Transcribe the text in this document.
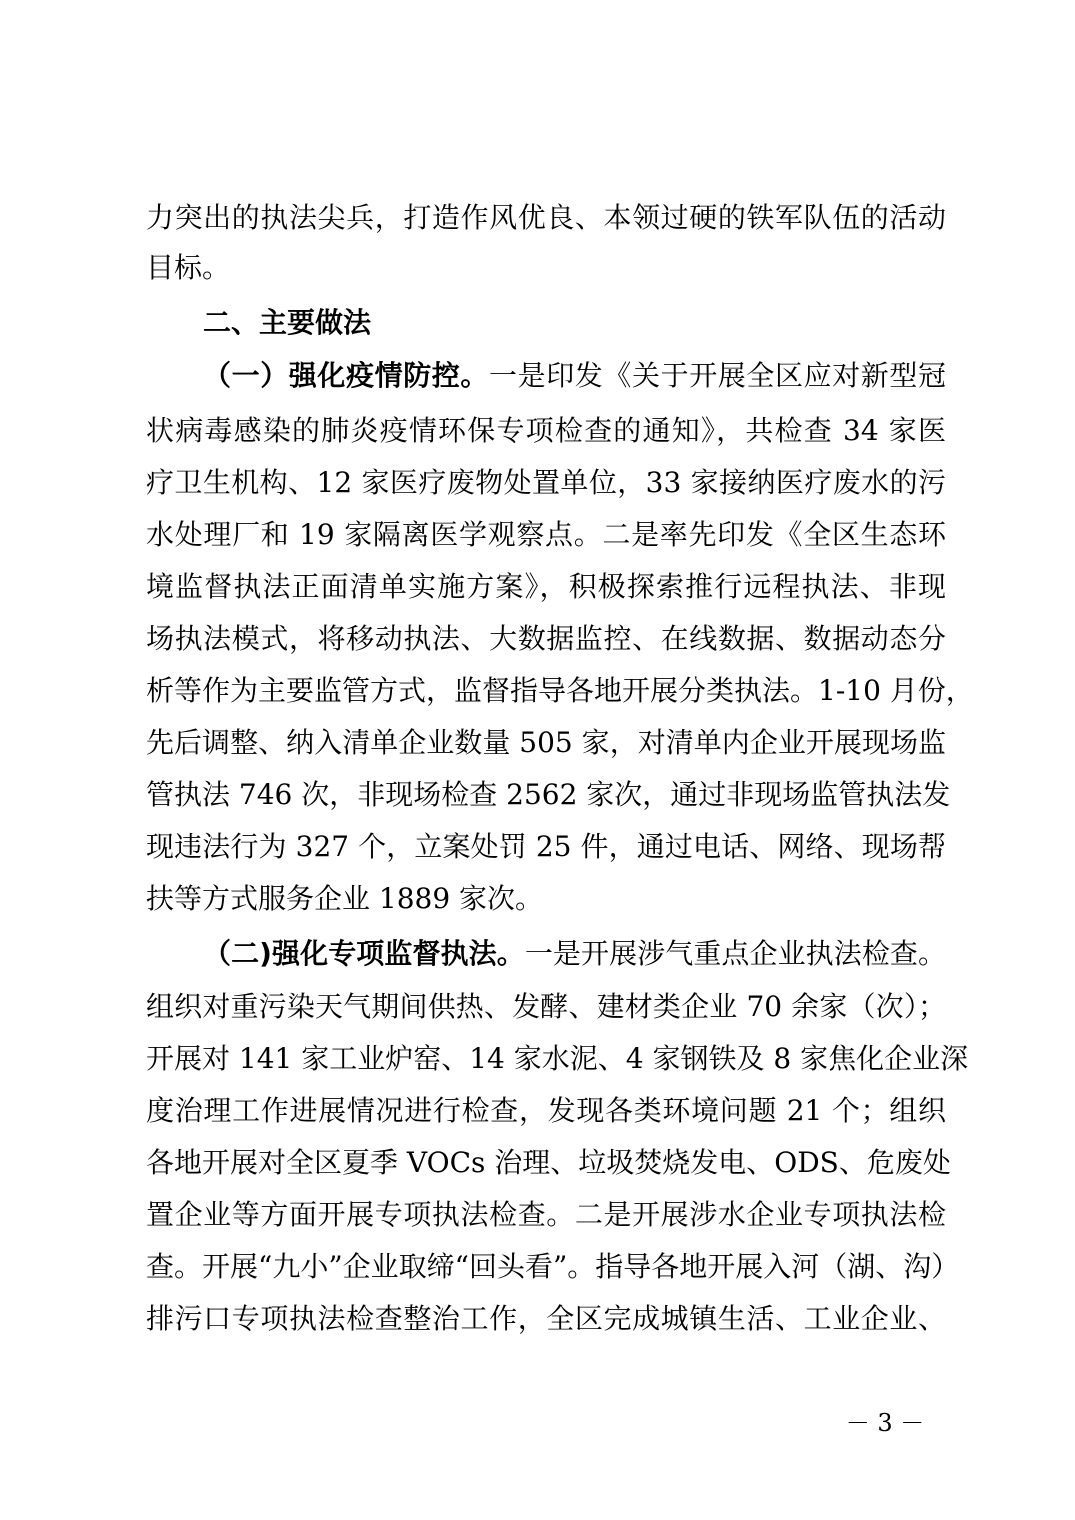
力突出的执法尖兵，打造作风优良、本领过硬的铁军队伍的活动
目标。
二、主要做法
（一）强化疫情防控。一是印发《关于开展全区应对新型冠
状病毒感染的肺炎疫情环保专项检查的通知》，共检查 34 家医
疗卫生机构、12 家医疗废物处置单位，33 家接纳医疗废水的污
水处理厂和 19 家隔离医学观察点。二是率先印发《全区生态环
境监督执法正面清单实施方案》，积极探索推行远程执法、非现
场执法模式，将移动执法、大数据监控、在线数据、数据动态分
析等作为主要监管方式，监督指导各地开展分类执法。1-10 月份，
先后调整、纳入清单企业数量 505 家，对清单内企业开展现场监
管执法 746 次，非现场检查 2562 家次，通过非现场监管执法发
现违法行为 327 个，立案处罚 25 件，通过电话、网络、现场帮
扶等方式服务企业 1889 家次。
（二)强化专项监督执法。一是开展涉气重点企业执法检查。
组织对重污染天气期间供热、发酵、建材类企业 70 余家（次）；
开展对 141 家工业炉窑、14 家水泥、4 家钢铁及 8 家焦化企业深
度治理工作进展情况进行检查，发现各类环境问题 21 个；组织
各地开展对全区夏季 VOCs 治理、垃圾焚烧发电、ODS、危废处
置企业等方面开展专项执法检查。二是开展涉水企业专项执法检
查。开展“九小”企业取缔“回头看”。指导各地开展入河（湖、沟）
排污口专项执法检查整治工作，全区完成城镇生活、工业企业、
－ 3 －
